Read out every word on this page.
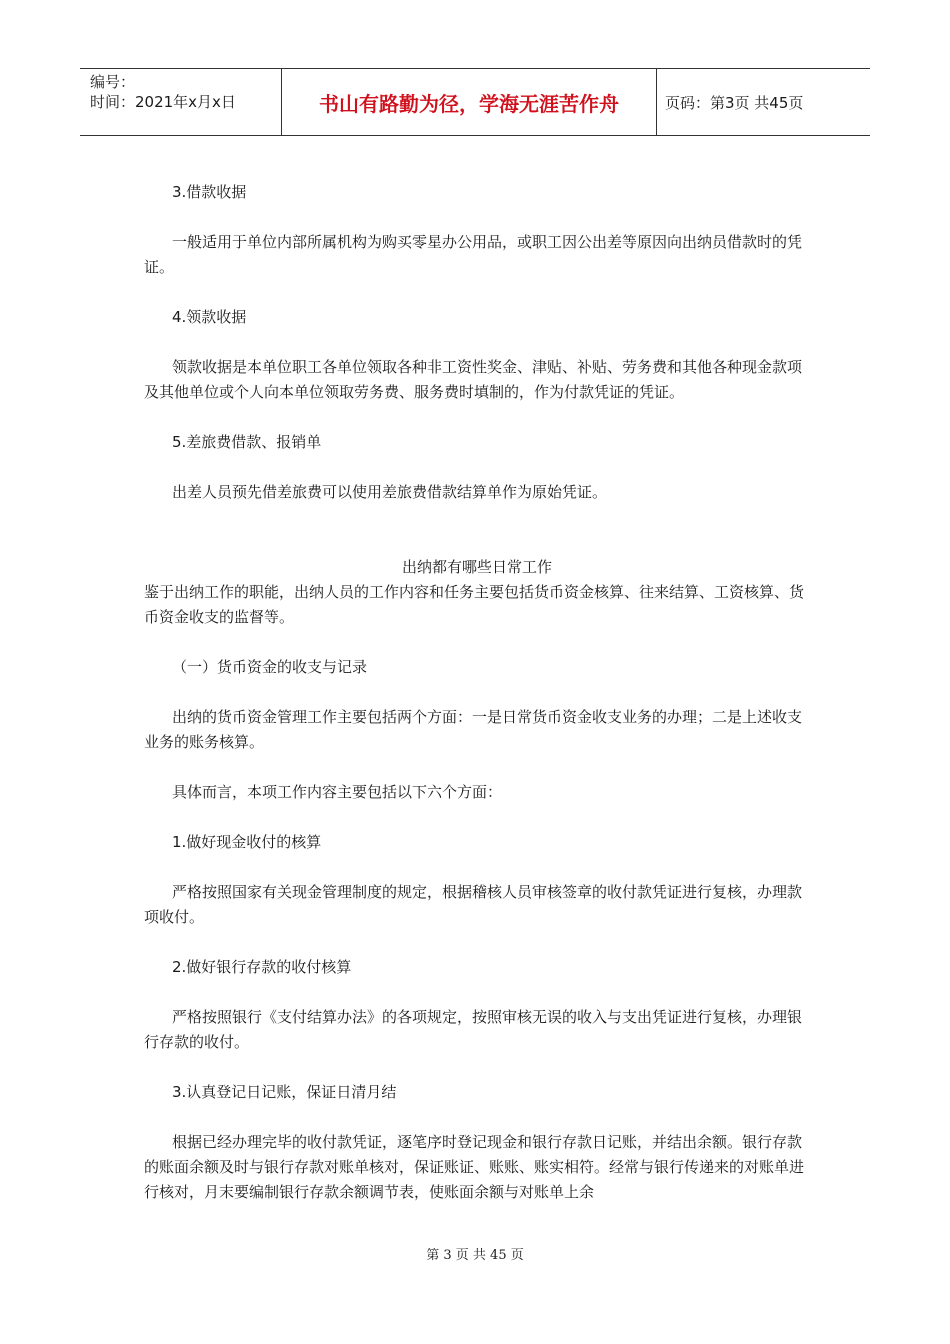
编号：
时间：2021年x月x日	书山有路勤为径，学海无涯苦作舟	页码：第3页 共45页

3.借款收据

一般适用于单位内部所属机构为购买零星办公用品，或职工因公出差等原因向出纳员借款时的凭证。

4.领款收据

领款收据是本单位职工各单位领取各种非工资性奖金、津贴、补贴、劳务费和其他各种现金款项及其他单位或个人向本单位领取劳务费、服务费时填制的，作为付款凭证的凭证。

5.差旅费借款、报销单

出差人员预先借差旅费可以使用差旅费借款结算单作为原始凭证。

出纳都有哪些日常工作

鉴于出纳工作的职能，出纳人员的工作内容和任务主要包括货币资金核算、往来结算、工资核算、货币资金收支的监督等。

（一）货币资金的收支与记录

出纳的货币资金管理工作主要包括两个方面：一是日常货币资金收支业务的办理；二是上述收支业务的账务核算。

具体而言，本项工作内容主要包括以下六个方面：

1.做好现金收付的核算

严格按照国家有关现金管理制度的规定，根据稽核人员审核签章的收付款凭证进行复核，办理款项收付。

2.做好银行存款的收付核算

严格按照银行《支付结算办法》的各项规定，按照审核无误的收入与支出凭证进行复核，办理银行存款的收付。

3.认真登记日记账，保证日清月结

根据已经办理完毕的收付款凭证，逐笔序时登记现金和银行存款日记账，并结出余额。银行存款的账面余额及时与银行存款对账单核对，保证账证、账账、账实相符。经常与银行传递来的对账单进行核对，月末要编制银行存款余额调节表，使账面余额与对账单上余

第 3 页 共 45 页
